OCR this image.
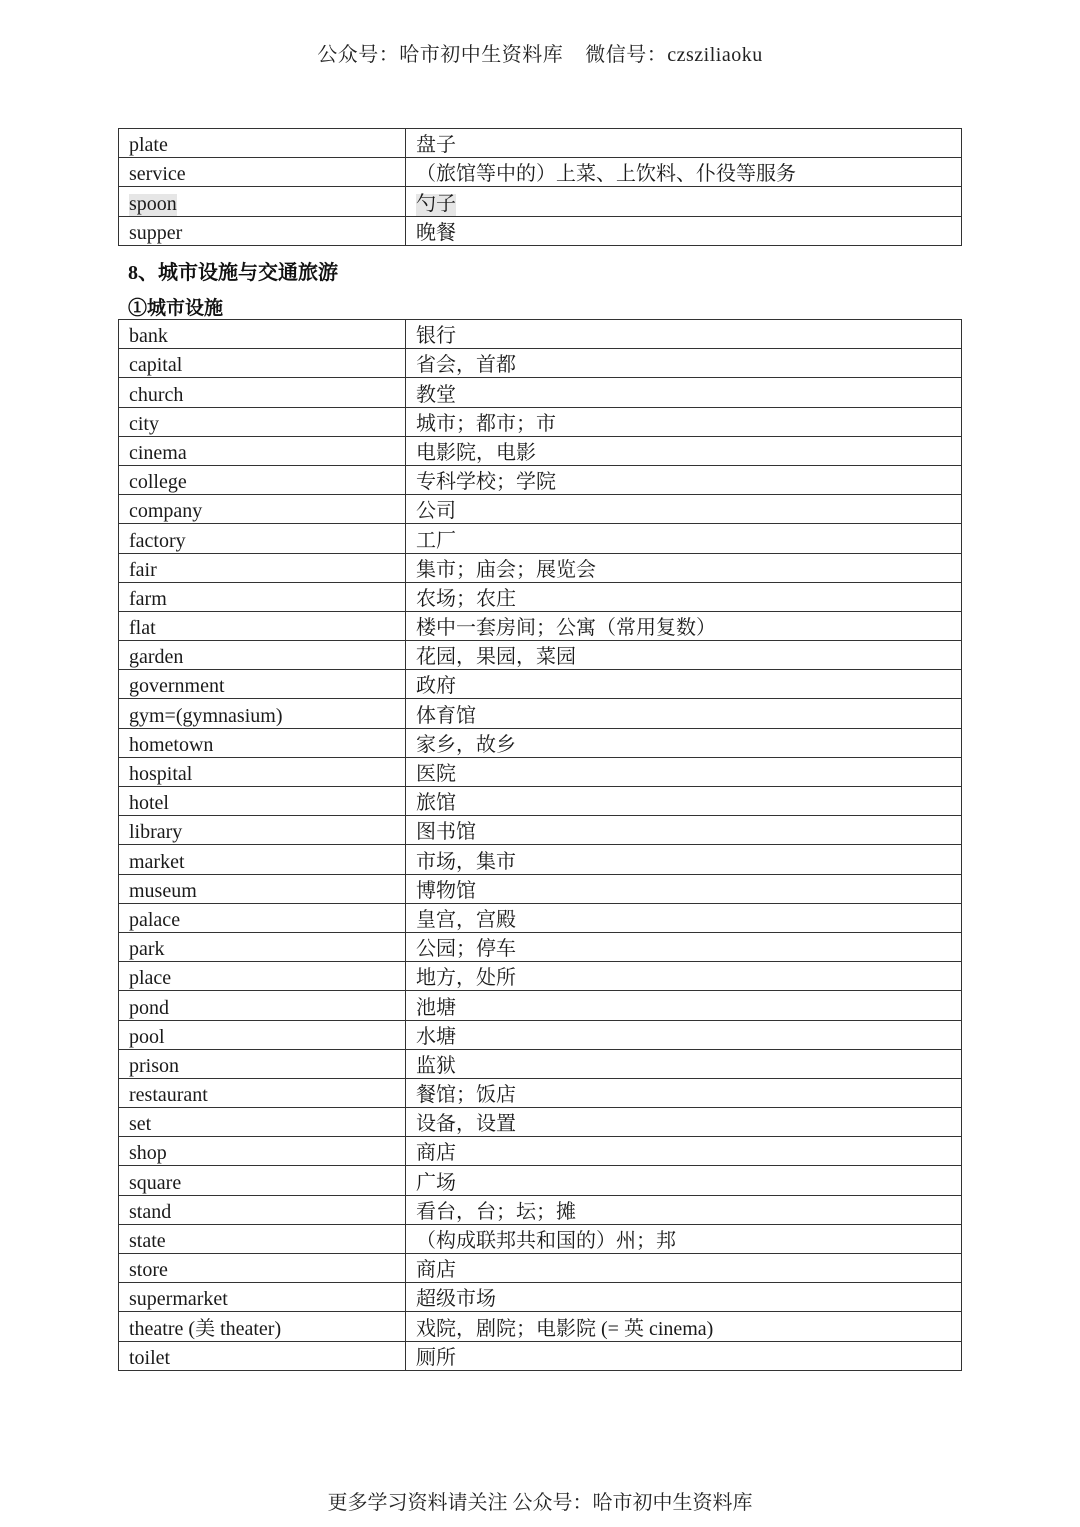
公众号：哈市初中生资料库 微信号：czsziliaoku
plate	盘子
service	（旅馆等中的）上菜、上饮料、仆役等服务
spoon	勺子
supper	晚餐
8、城市设施与交通旅游
①城市设施
bank	银行
capital	省会，首都
church	教堂
city	城市；都市；市
cinema	电影院，电影
college	专科学校；学院
company	公司
factory	工厂
fair	集市；庙会；展览会
farm	农场；农庄
flat	楼中一套房间；公寓（常用复数）
garden	花园，果园，菜园
government	政府
gym=(gymnasium)	体育馆
hometown	家乡，故乡
hospital	医院
hotel	旅馆
library	图书馆
market	市场，集市
museum	博物馆
palace	皇宫，宫殿
park	公园；停车
place	地方，处所
pond	池塘
pool	水塘
prison	监狱
restaurant	餐馆；饭店
set	设备，设置
shop	商店
square	广场
stand	看台，台；坛；摊
state	（构成联邦共和国的）州；邦
store	商店
supermarket	超级市场
theatre (美 theater)	戏院，剧院；电影院 (= 英 cinema)
toilet	厕所
更多学习资料请关注 公众号：哈市初中生资料库
